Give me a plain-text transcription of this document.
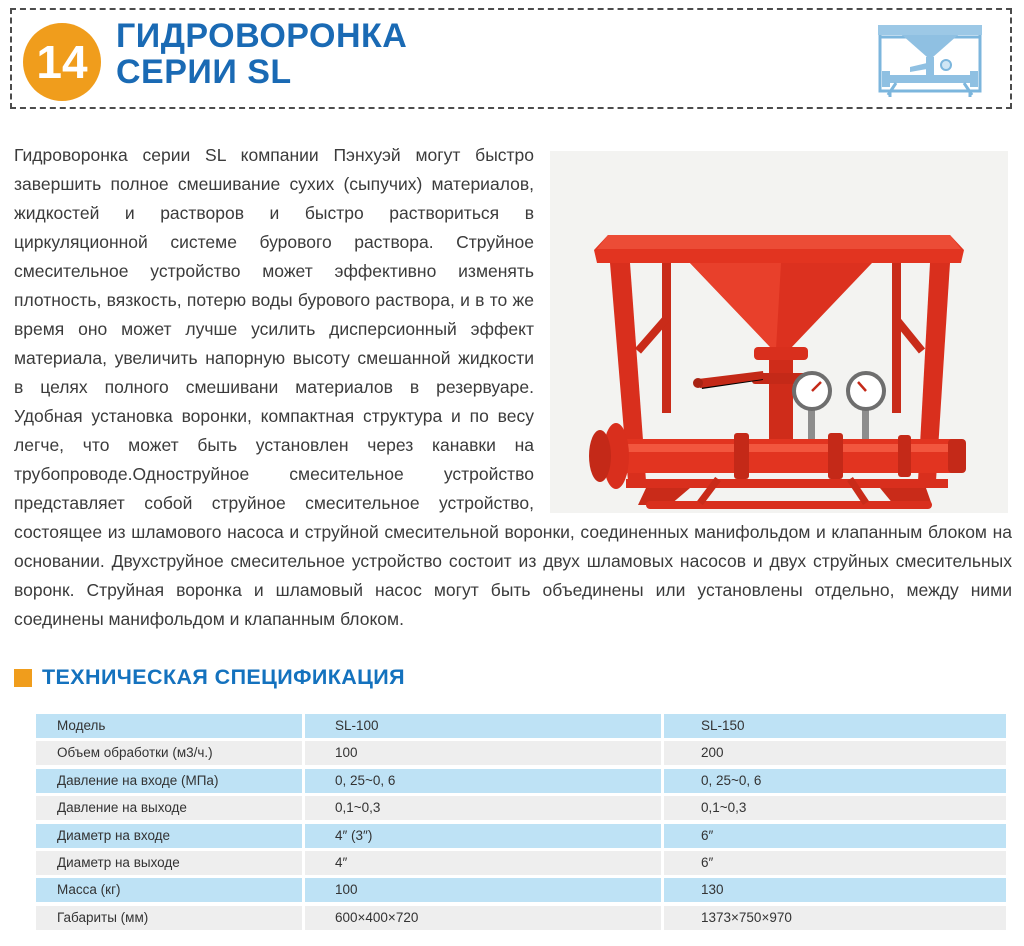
14 ГИДРОВОРОНКА
СЕРИИ SL
Гидроворонка серии SL компании Пэнхуэй могут быстро завершить полное смешивание сухих (сыпучих) материалов, жидкостей и растворов и быстро раствориться в циркуляционной системе бурового раствора. Струйное смесительное устройство может эффективно изменять плотность, вязкость, потерю воды бурового раствора, и в то же время оно может лучше усилить дисперсионный эффект материала, увеличить напорную высоту смешанной жидкости в целях полного смешивани материалов в резервуаре. Удобная установка воронки, компактная структура и по весу легче, что может быть установлен через канавки на трубопроводе.Одноструйное смесительное устройство представляет собой струйное смесительное устройство, состоящее из шламового насоса и струйной смесительной воронки, соединенных манифольдом и клапанным блоком на основании. Двухструйное смесительное устройство состоит из двух шламовых насосов и двух струйных смесительных воронк. Струйная воронка и шламовый насос могут быть объединены или установлены отдельно, между ними соединены манифольдом и клапанным блоком.
ТЕХНИЧЕСКАЯ СПЕЦИФИКАЦИЯ
Модель	SL-100	SL-150
Объем обработки (м3/ч.)	100	200
Давление на входе (МПа)	0, 25~0, 6	0, 25~0, 6
Давление на выходе	0,1~0,3	0,1~0,3
Диаметр на входе	4″ (3″)	6″
Диаметр на выходе	4″	6″
Масса (кг)	100	130
Габариты (мм)	600×400×720	1373×750×970
